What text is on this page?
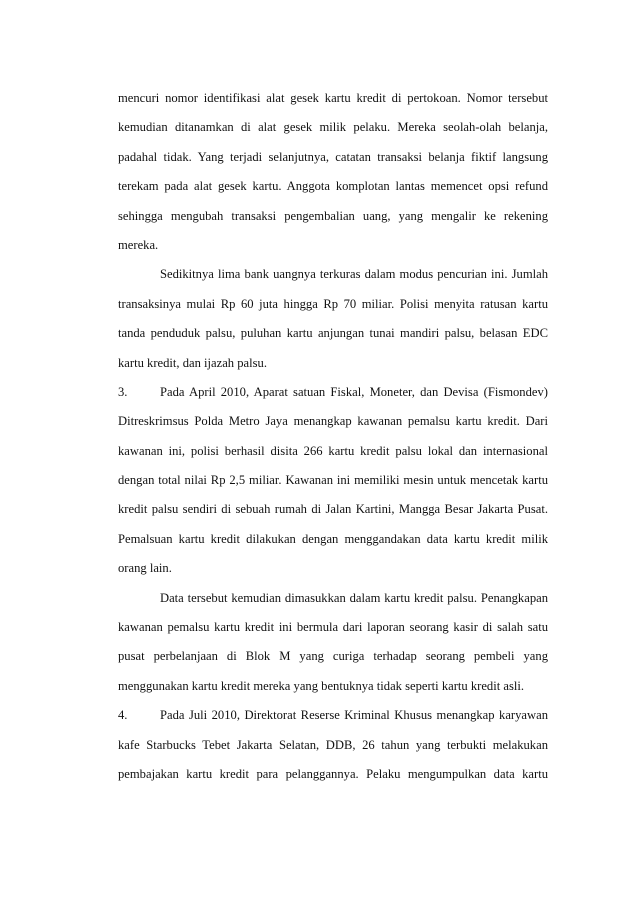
mencuri nomor identifikasi alat gesek kartu kredit di pertokoan. Nomor tersebut
kemudian ditanamkan di alat gesek milik pelaku. Mereka seolah-olah belanja,
padahal tidak. Yang terjadi selanjutnya, catatan transaksi belanja fiktif langsung
terekam pada alat gesek kartu. Anggota komplotan lantas memencet opsi refund
sehingga mengubah transaksi pengembalian uang, yang mengalir ke rekening
mereka.
Sedikitnya lima bank uangnya terkuras dalam modus pencurian ini. Jumlah
transaksinya mulai Rp 60 juta hingga Rp 70 miliar. Polisi menyita ratusan kartu
tanda penduduk palsu, puluhan kartu anjungan tunai mandiri palsu, belasan EDC
kartu kredit, dan ijazah palsu.
3.	Pada April 2010, Aparat satuan Fiskal, Moneter, dan Devisa (Fismondev)
Ditreskrimsus Polda Metro Jaya menangkap kawanan pemalsu kartu kredit. Dari
kawanan ini, polisi berhasil disita 266 kartu kredit palsu lokal dan internasional
dengan total nilai Rp 2,5 miliar. Kawanan ini memiliki mesin untuk mencetak kartu
kredit palsu sendiri di sebuah rumah di Jalan Kartini, Mangga Besar Jakarta Pusat.
Pemalsuan kartu kredit dilakukan dengan menggandakan data kartu kredit milik
orang lain.
Data tersebut kemudian dimasukkan dalam kartu kredit palsu. Penangkapan
kawanan pemalsu kartu kredit ini bermula dari laporan seorang kasir di salah satu
pusat perbelanjaan di Blok M yang curiga terhadap seorang pembeli yang
menggunakan kartu kredit mereka yang bentuknya tidak seperti kartu kredit asli.
4.	Pada Juli 2010, Direktorat Reserse Kriminal Khusus menangkap karyawan
kafe Starbucks Tebet Jakarta Selatan, DDB, 26 tahun yang terbukti melakukan
pembajakan kartu kredit para pelanggannya. Pelaku mengumpulkan data kartu
